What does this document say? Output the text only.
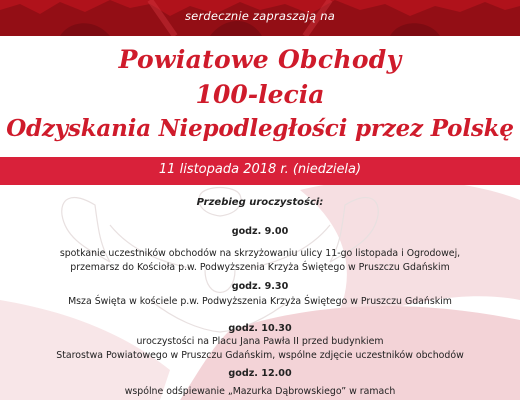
serdecznie zapraszają na
Powiatowe Obchody
100-lecia
Odzyskania Niepodległości przez Polskę
11 listopada 2018 r. (niedziela)
Przebieg uroczystości:
godz. 9.00
spotkanie uczestników obchodów na skrzyżowaniu ulicy 11-go listopada i Ogrodowej,
przemarsz do Kościoła p.w. Podwyższenia Krzyża Świętego w Pruszczu Gdańskim
godz. 9.30
Msza Święta w kościele p.w. Podwyższenia Krzyża Świętego w Pruszczu Gdańskim
godz. 10.30
uroczystości na Placu Jana Pawła II przed budynkiem
Starostwa Powiatowego w Pruszczu Gdańskim, wspólne zdjęcie uczestników obchodów
godz. 12.00
wspólne odśpiewanie „Mazurka Dąbrowskiego” w ramach
